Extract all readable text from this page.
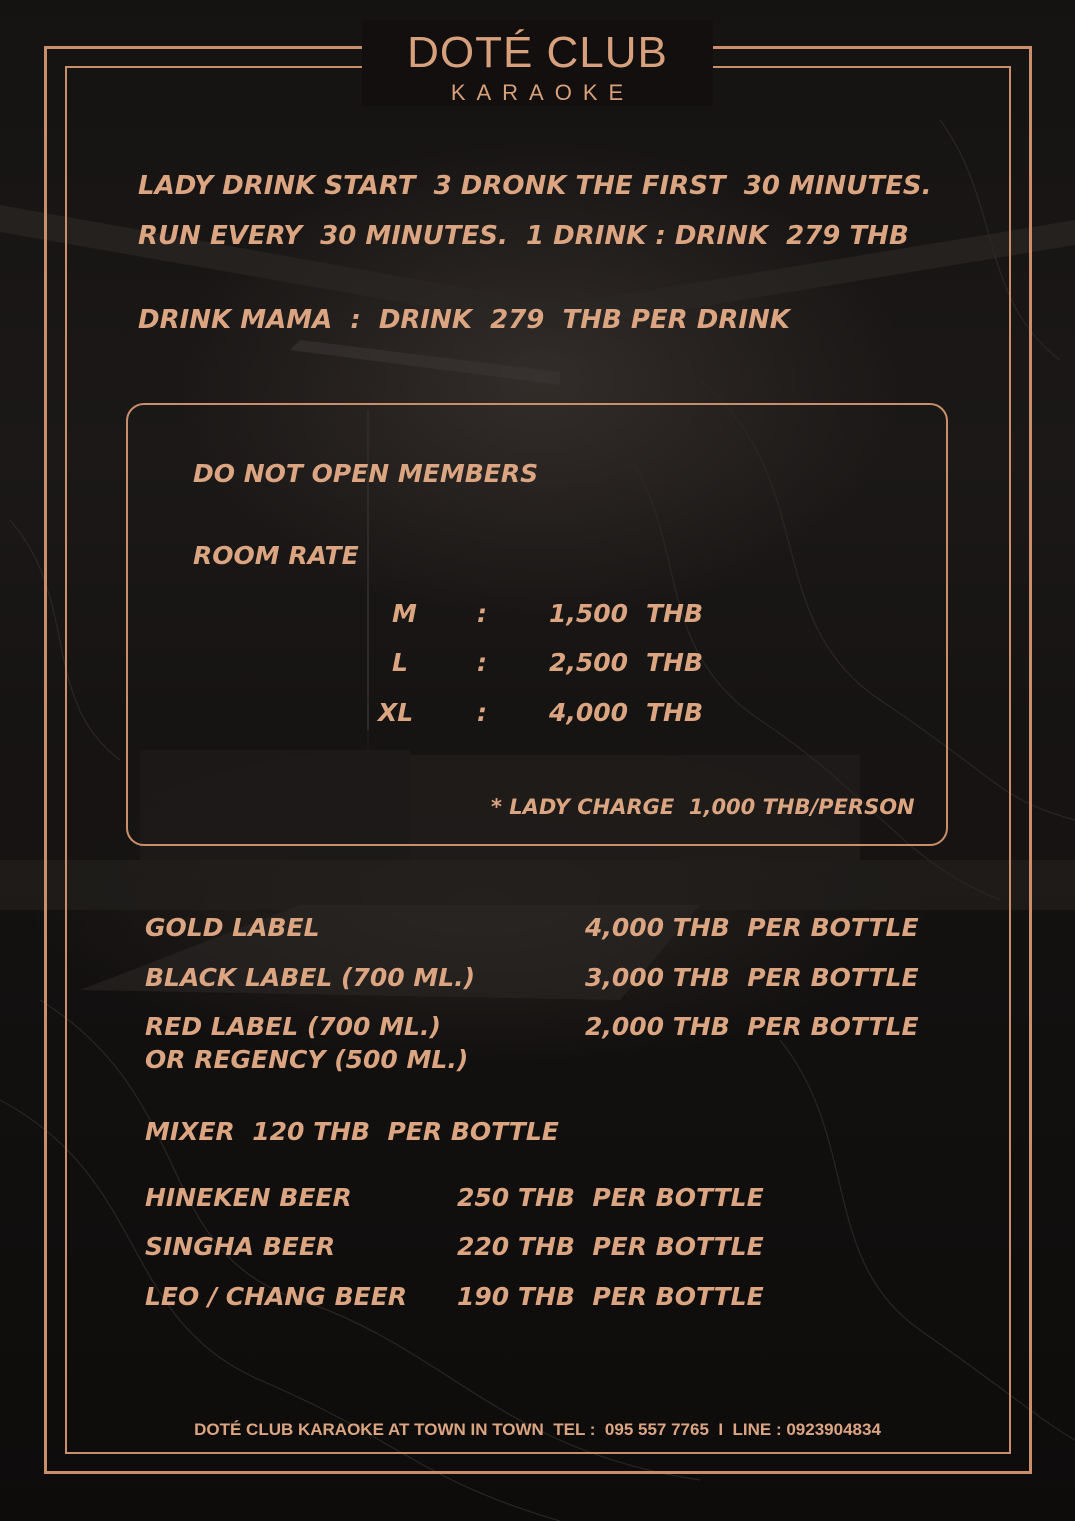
DOTÉ CLUB
KARAOKE
LADY DRINK START  3 DRONK THE FIRST  30 MINUTES.
RUN EVERY  30 MINUTES.  1 DRINK : DRINK  279 THB
DRINK MAMA  :  DRINK  279  THB PER DRINK
DO NOT OPEN MEMBERS
ROOM RATE
M : 1,500 THB
L	: 2,500 THB
XL	: 4,000 THB
* LADY CHARGE  1,000 THB/PERSON
GOLD LABEL	4,000 THB  PER BOTTLE
BLACK LABEL (700 ML.)	3,000 THB  PER BOTTLE
RED LABEL (700 ML.)
OR REGENCY (500 ML.)
2,000 THB  PER BOTTLE
MIXER  120 THB  PER BOTTLE
HINEKEN BEER	250 THB  PER BOTTLE
SINGHA BEER	220 THB  PER BOTTLE
LEO / CHANG BEER 190 THB  PER BOTTLE
DOTÉ CLUB KARAOKE AT TOWN IN TOWN  TEL :  095 557 7765  I  LINE : 0923904834
